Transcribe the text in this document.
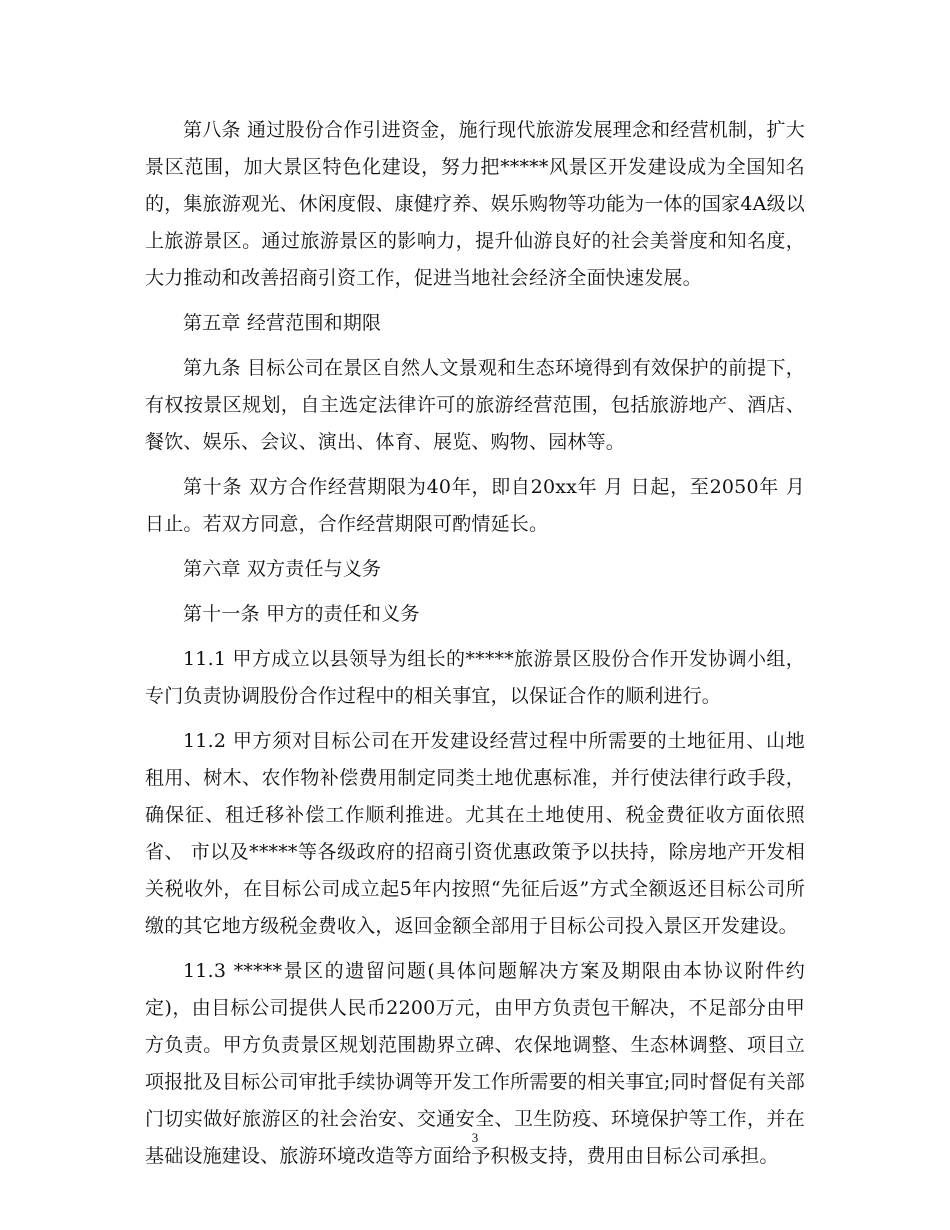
第八条 通过股份合作引进资金，施行现代旅游发展理念和经营机制，扩大景区范围，加大景区特色化建设，努力把*****风景区开发建设成为全国知名的，集旅游观光、休闲度假、康健疗养、娱乐购物等功能为一体的国家4A级以上旅游景区。通过旅游景区的影响力，提升仙游良好的社会美誉度和知名度，大力推动和改善招商引资工作，促进当地社会经济全面快速发展。

第五章 经营范围和期限

第九条 目标公司在景区自然人文景观和生态环境得到有效保护的前提下，有权按景区规划，自主选定法律许可的旅游经营范围，包括旅游地产、酒店、餐饮、娱乐、会议、演出、体育、展览、购物、园林等。

第十条 双方合作经营期限为40年，即自20xx年 月 日起，至2050年 月 日止。若双方同意，合作经营期限可酌情延长。

第六章 双方责任与义务

第十一条 甲方的责任和义务

11.1 甲方成立以县领导为组长的*****旅游景区股份合作开发协调小组，专门负责协调股份合作过程中的相关事宜，以保证合作的顺利进行。

11.2 甲方须对目标公司在开发建设经营过程中所需要的土地征用、山地租用、树木、农作物补偿费用制定同类土地优惠标准，并行使法律行政手段，确保征、租迁移补偿工作顺利推进。尤其在土地使用、税金费征收方面依照 省、 市以及*****等各级政府的招商引资优惠政策予以扶持，除房地产开发相关税收外，在目标公司成立起5年内按照“先征后返”方式全额返还目标公司所缴的其它地方级税金费收入，返回金额全部用于目标公司投入景区开发建设。

11.3 *****景区的遗留问题(具体问题解决方案及期限由本协议附件约定)，由目标公司提供人民币2200万元，由甲方负责包干解决，不足部分由甲方负责。甲方负责景区规划范围勘界立碑、农保地调整、生态林调整、项目立项报批及目标公司审批手续协调等开发工作所需要的相关事宜;同时督促有关部门切实做好旅游区的社会治安、交通安全、卫生防疫、环境保护等工作，并在基础设施建设、旅游环境改造等方面给予积极支持，费用由目标公司承担。

3
